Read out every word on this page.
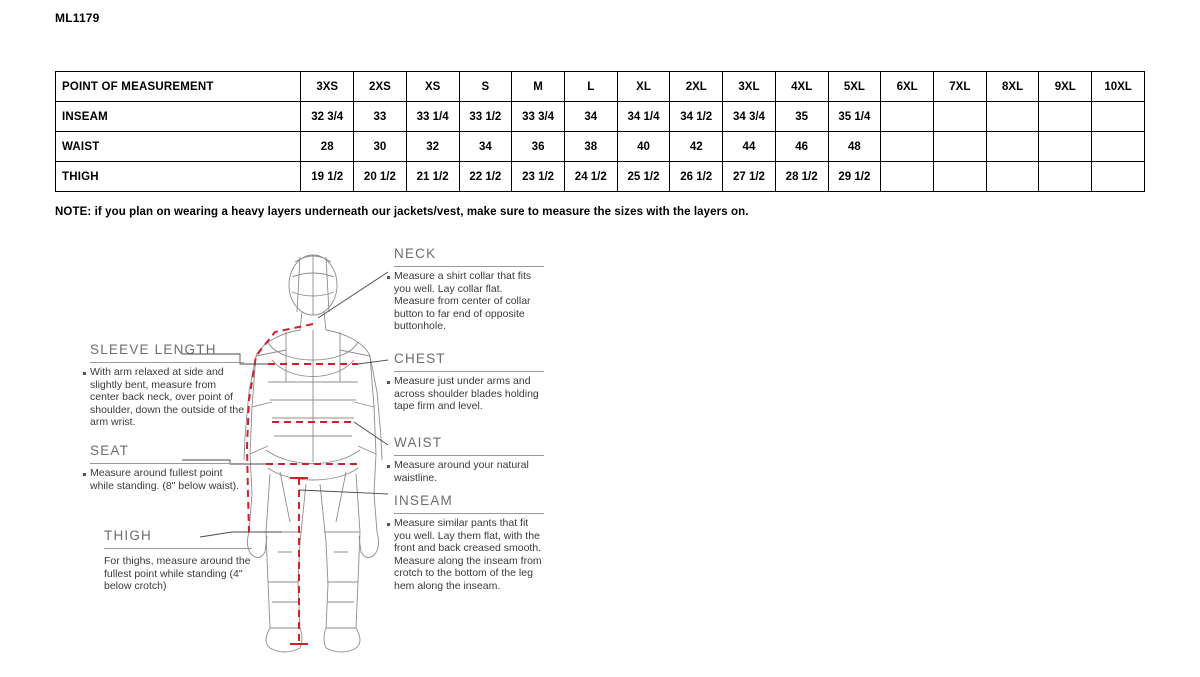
ML1179
POINT OF MEASUREMENT	3XS	2XS	XS	S	M	L	XL	2XL	3XL	4XL	5XL	6XL	7XL	8XL	9XL	10XL
INSEAM	32 3/4	33	33 1/4	33 1/2	33 3/4	34	34 1/4	34 1/2	34 3/4	35	35 1/4					
WAIST	28	30	32	34	36	38	40	42	44	46	48					
THIGH	19 1/2	20 1/2	21 1/2	22 1/2	23 1/2	24 1/2	25 1/2	26 1/2	27 1/2	28 1/2	29 1/2					
NOTE: if you plan on wearing a heavy layers underneath our jackets/vest, make sure to measure the sizes with the layers on.
NECK
Measure a shirt collar that fits you well. Lay collar flat. Measure from center of collar button to far end of opposite buttonhole.
SLEEVE LENGTH
With arm relaxed at side and slightly bent, measure from center back neck, over point of shoulder, down the outside of the arm wrist.
CHEST
Measure just under arms and across shoulder blades holding tape firm and level.
SEAT
Measure around fullest point while standing. (8" below waist).
WAIST
Measure around your natural waistline.
INSEAM
Measure similar pants that fit you well. Lay them flat, with the front and back creased smooth. Measure along the inseam from crotch to the bottom of the leg hem along the inseam.
THIGH
For thighs, measure around the fullest point while standing (4" below crotch)
